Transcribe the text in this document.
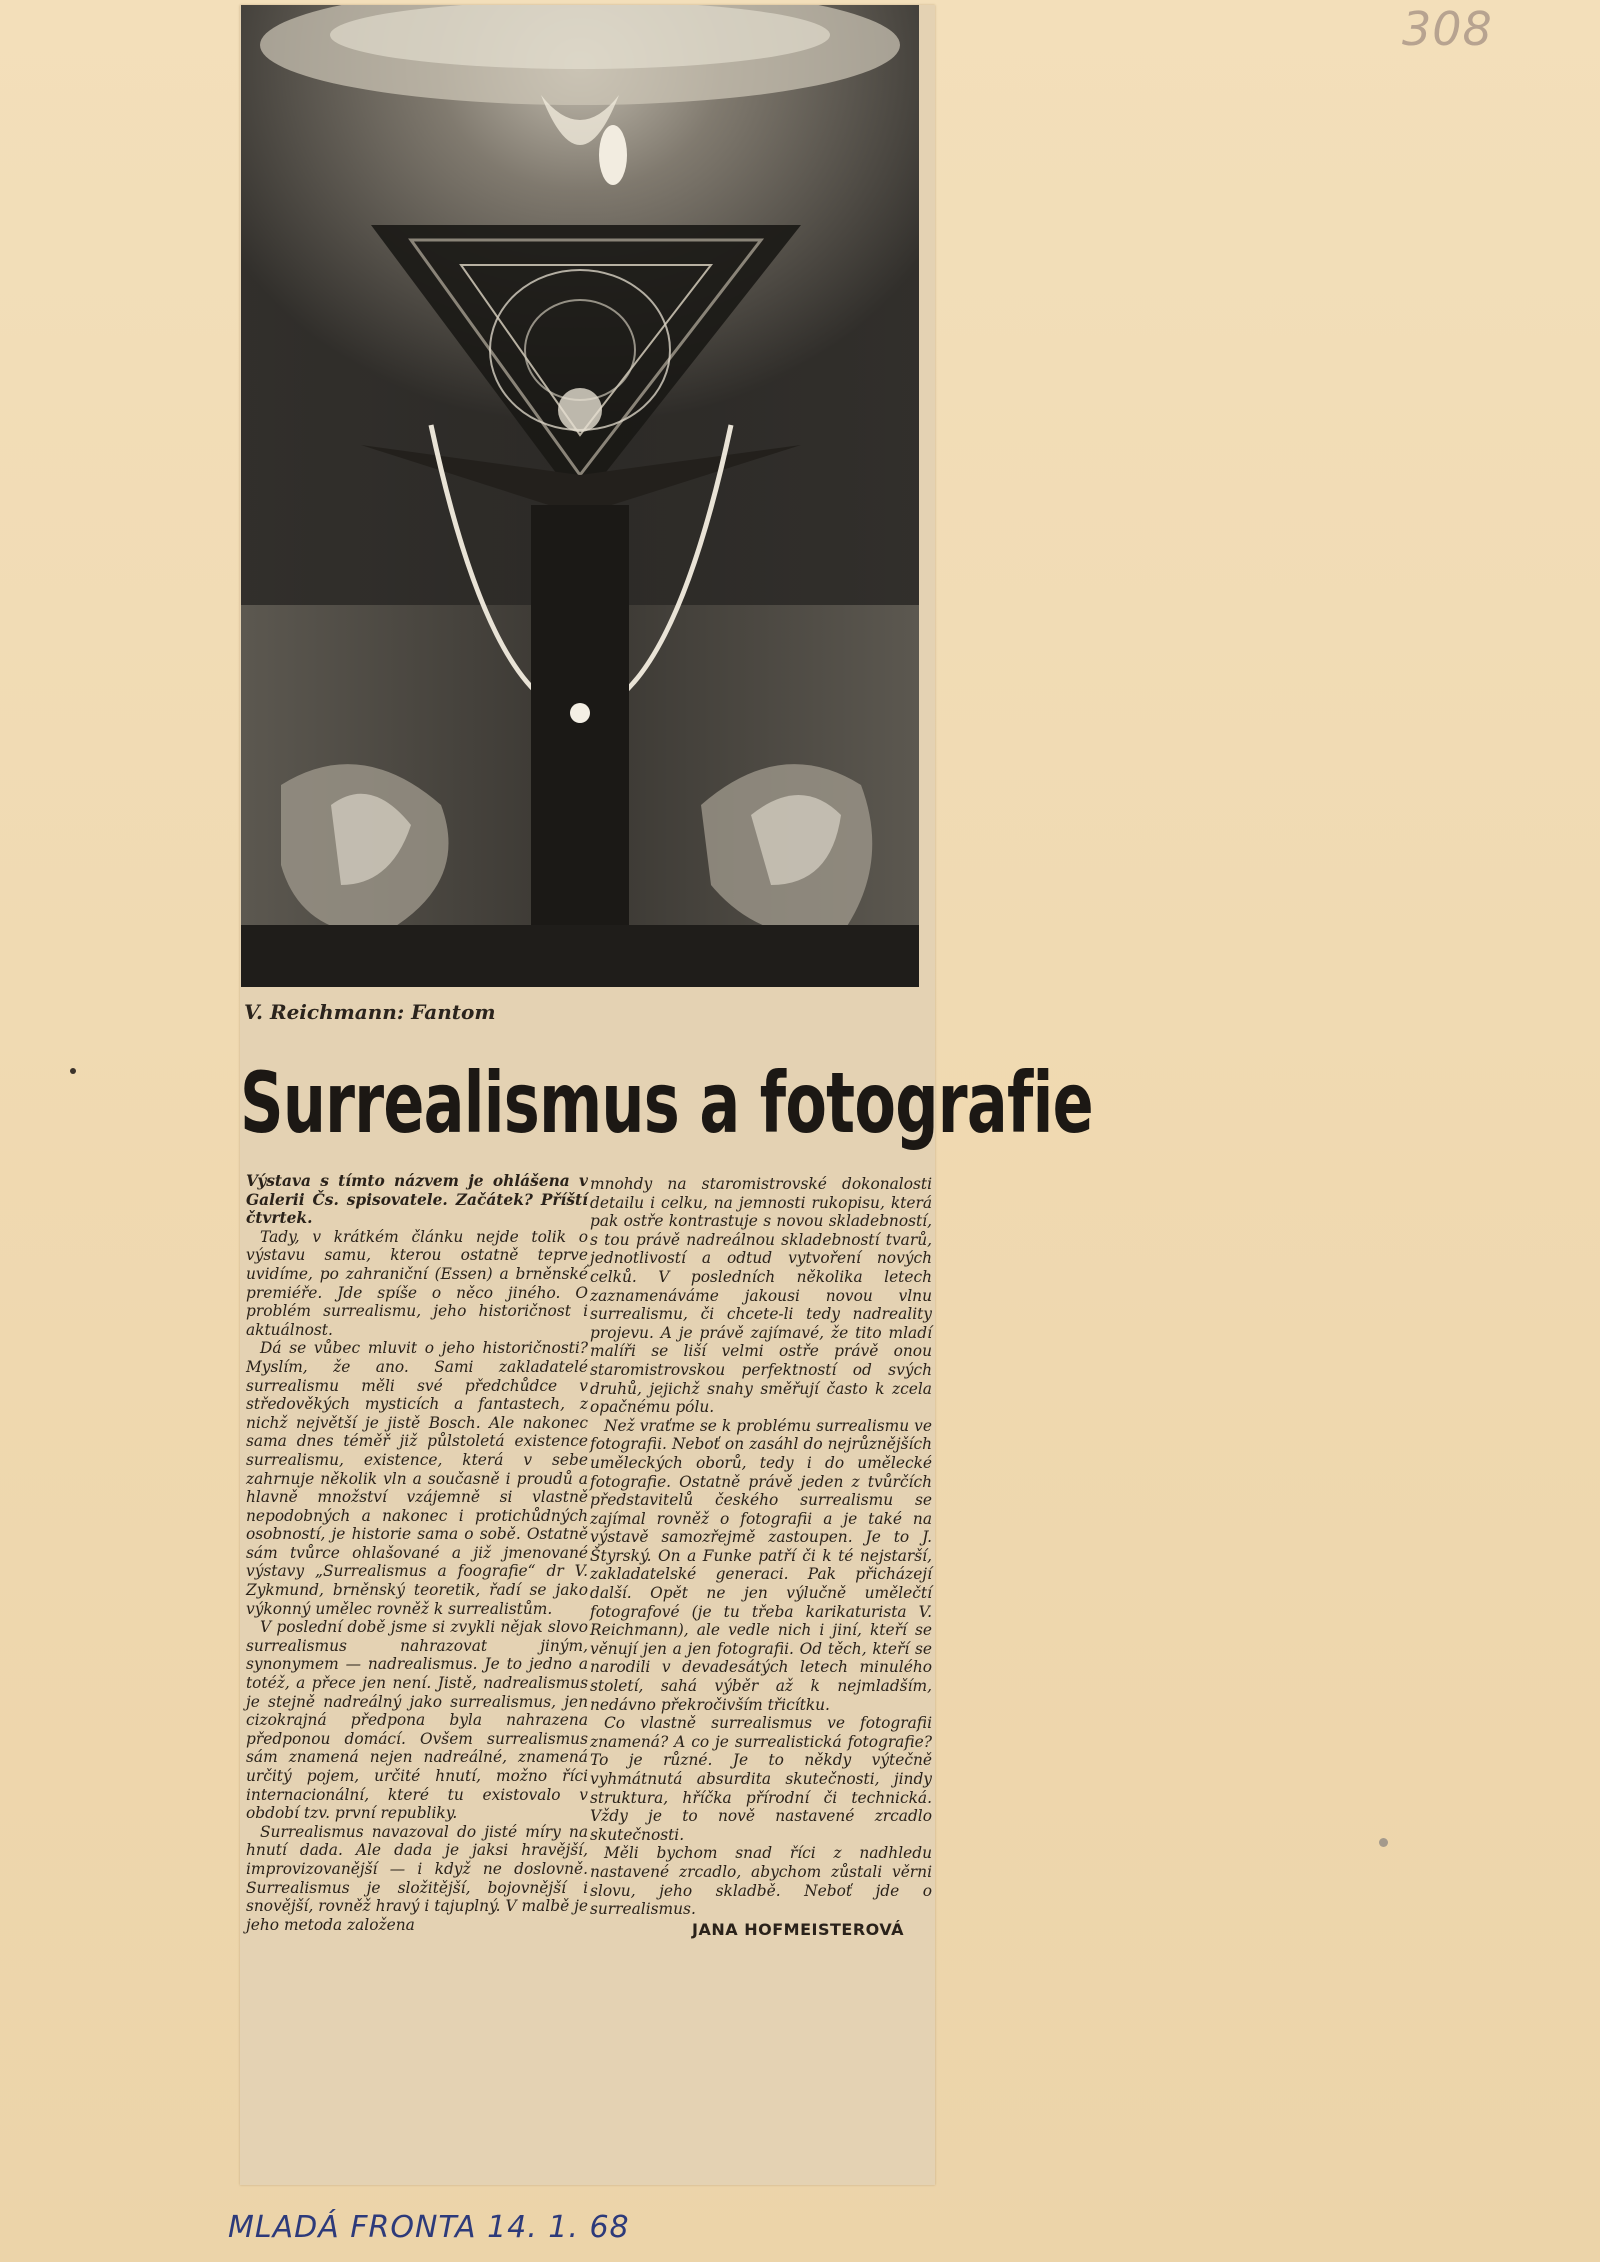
308
V. Reichmann: Fantom
Surrealismus a fotografie

Výstava s tímto názvem je ohlášena v Galerii Čs. spisovatele. Začátek? Příští čtvrtek.

Tady, v krátkém článku nejde tolik o výstavu samu, kterou ostatně teprve uvidíme, po zahraniční (Essen) a brněnské premiéře. Jde spíše o něco jiného. O problém surrealismu, jeho historičnost i aktuálnost.

Dá se vůbec mluvit o jeho historičnosti? Myslím, že ano. Sami zakladatelé surrealismu měli své předchůdce v středověkých mysticích a fantastech, z nichž největší je jistě Bosch. Ale nakonec sama dnes téměř již půlstoletá existence surrealismu, existence, která v sebe zahrnuje několik vln a současně i proudů a hlavně množství vzájemně si vlastně nepodobných a nakonec i protichůdných osobností, je historie sama o sobě. Ostatně sám tvůrce ohlašované a již jmenované výstavy „Surrealismus a foografie“ dr V. Zykmund, brněnský teoretik, řadí se jako výkonný umělec rovněž k surrealistům.

V poslední době jsme si zvykli nějak slovo surrealismus nahrazovat jiným, synonymem — nadrealismus. Je to jedno a totéž, a přece jen není. Jistě, nadrealismus je stejně nadreálný jako surrealismus, jen cizokrajná předpona byla nahrazena předponou domácí. Ovšem surrealismus sám znamená nejen nadreálné, znamená určitý pojem, určité hnutí, možno říci internacionální, které tu existovalo v období tzv. první republiky.

Surrealismus navazoval do jisté míry na hnutí dada. Ale dada je jaksi hravější, improvizovanější — i když ne doslovně. Surrealismus je složitější, bojovnější i snovější, rovněž hravý i tajuplný. V malbě je jeho metoda založena

mnohdy na staromistrovské dokonalosti detailu i celku, na jemnosti rukopisu, která pak ostře kontrastuje s novou skladebností, s tou právě nadreálnou skladebností tvarů, jednotlivostí a odtud vytvoření nových celků. V posledních několika letech zaznamenáváme jakousi novou vlnu surrealismu, či chcete-li tedy nadreality projevu. A je právě zajímavé, že tito mladí malíři se liší velmi ostře právě onou staromistrovskou perfektností od svých druhů, jejichž snahy směřují často k zcela opačnému pólu.

Než vraťme se k problému surrealismu ve fotografii. Neboť on zasáhl do nejrůznějších uměleckých oborů, tedy i do umělecké fotografie. Ostatně právě jeden z tvůrčích představitelů českého surrealismu se zajímal rovněž o fotografii a je také na výstavě samozřejmě zastoupen. Je to J. Štyrský. On a Funke patří či k té nejstarší, zakladatelské generaci. Pak přicházejí další. Opět ne jen výlučně umělečtí fotografové (je tu třeba karikaturista V. Reichmann), ale vedle nich i jiní, kteří se věnují jen a jen fotografii. Od těch, kteří se narodili v devadesátých letech minulého století, sahá výběr až k nejmladším, nedávno překročivším třicítku.

Co vlastně surrealismus ve fotografii znamená? A co je surrealistická fotografie? To je různé. Je to někdy výtečně vyhmátnutá absurdita skutečnosti, jindy struktura, hříčka přírodní či technická. Vždy je to nově nastavené zrcadlo skutečnosti.

Měli bychom snad říci z nadhledu nastavené zrcadlo, abychom zůstali věrni slovu, jeho skladbě. Neboť jde o surrealismus.

JANA HOFMEISTEROVÁ
MLADÁ FRONTA 14. 1. 68
